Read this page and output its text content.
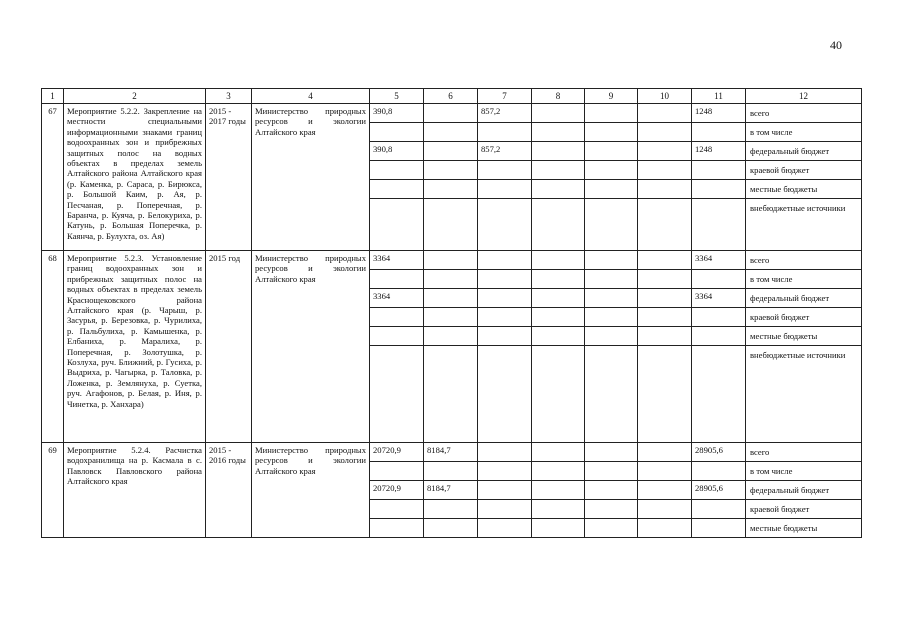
40
1	2	3	4	5	6	7	8	9	10	11	12
67	Мероприятие 5.2.2. Закрепление на местности специальными информационными знаками границ водоохранных зон и прибрежных защитных полос на водных объектах в пределах земель Алтайского района Алтайского края (р. Каменка, р. Сараса, р. Бирюкса, р. Большой Каим, р. Ая, р. Песчаная, р. Поперечная, р. Баранча, р. Куяча, р. Белокуриха, р. Катунь, р. Большая Поперечка, р. Каянча, р. Булухта, оз. Ая)	2015 - 2017 годы	Министерство природных ресурсов и экологии Алтайского края	390,8		857,2				1248	всего
											в том числе
				390,8		857,2				1248	федеральный бюджет
											краевой бюджет
											местные бюджеты
											внебюджетные источники
68	Мероприятие 5.2.3. Установление границ водоохранных зон и прибрежных защитных полос на водных объектах в пределах земель Краснощековского района Алтайского края (р. Чарыш, р. Засурья, р. Березовка, р. Чурилиха, р. Пальбулиха, р. Камышенка, р. Елбаниха, р. Маралиха, р. Поперечная, р. Золотушка, р. Козлуха, руч. Ближний, р. Гусиха, р. Выдриха, р. Чагырка, р. Таловка, р. Ложенка, р. Землянуха, р. Суетка, руч. Агафонов, р. Белая, р. Иня, р. Чинетка, р. Ханхара)	2015 год	Министерство природных ресурсов и экологии Алтайского края	3364						3364	всего
											в том числе
				3364						3364	федеральный бюджет
											краевой бюджет
											местные бюджеты
											внебюджетные источники
69	Мероприятие 5.2.4. Расчистка водохранилища на р. Касмала в с. Павловск Павловского района Алтайского края	2015 - 2016 годы	Министерство природных ресурсов и экологии Алтайского края	20720,9	8184,7					28905,6	всего
											в том числе
				20720,9	8184,7					28905,6	федеральный бюджет
											краевой бюджет
											местные бюджеты
